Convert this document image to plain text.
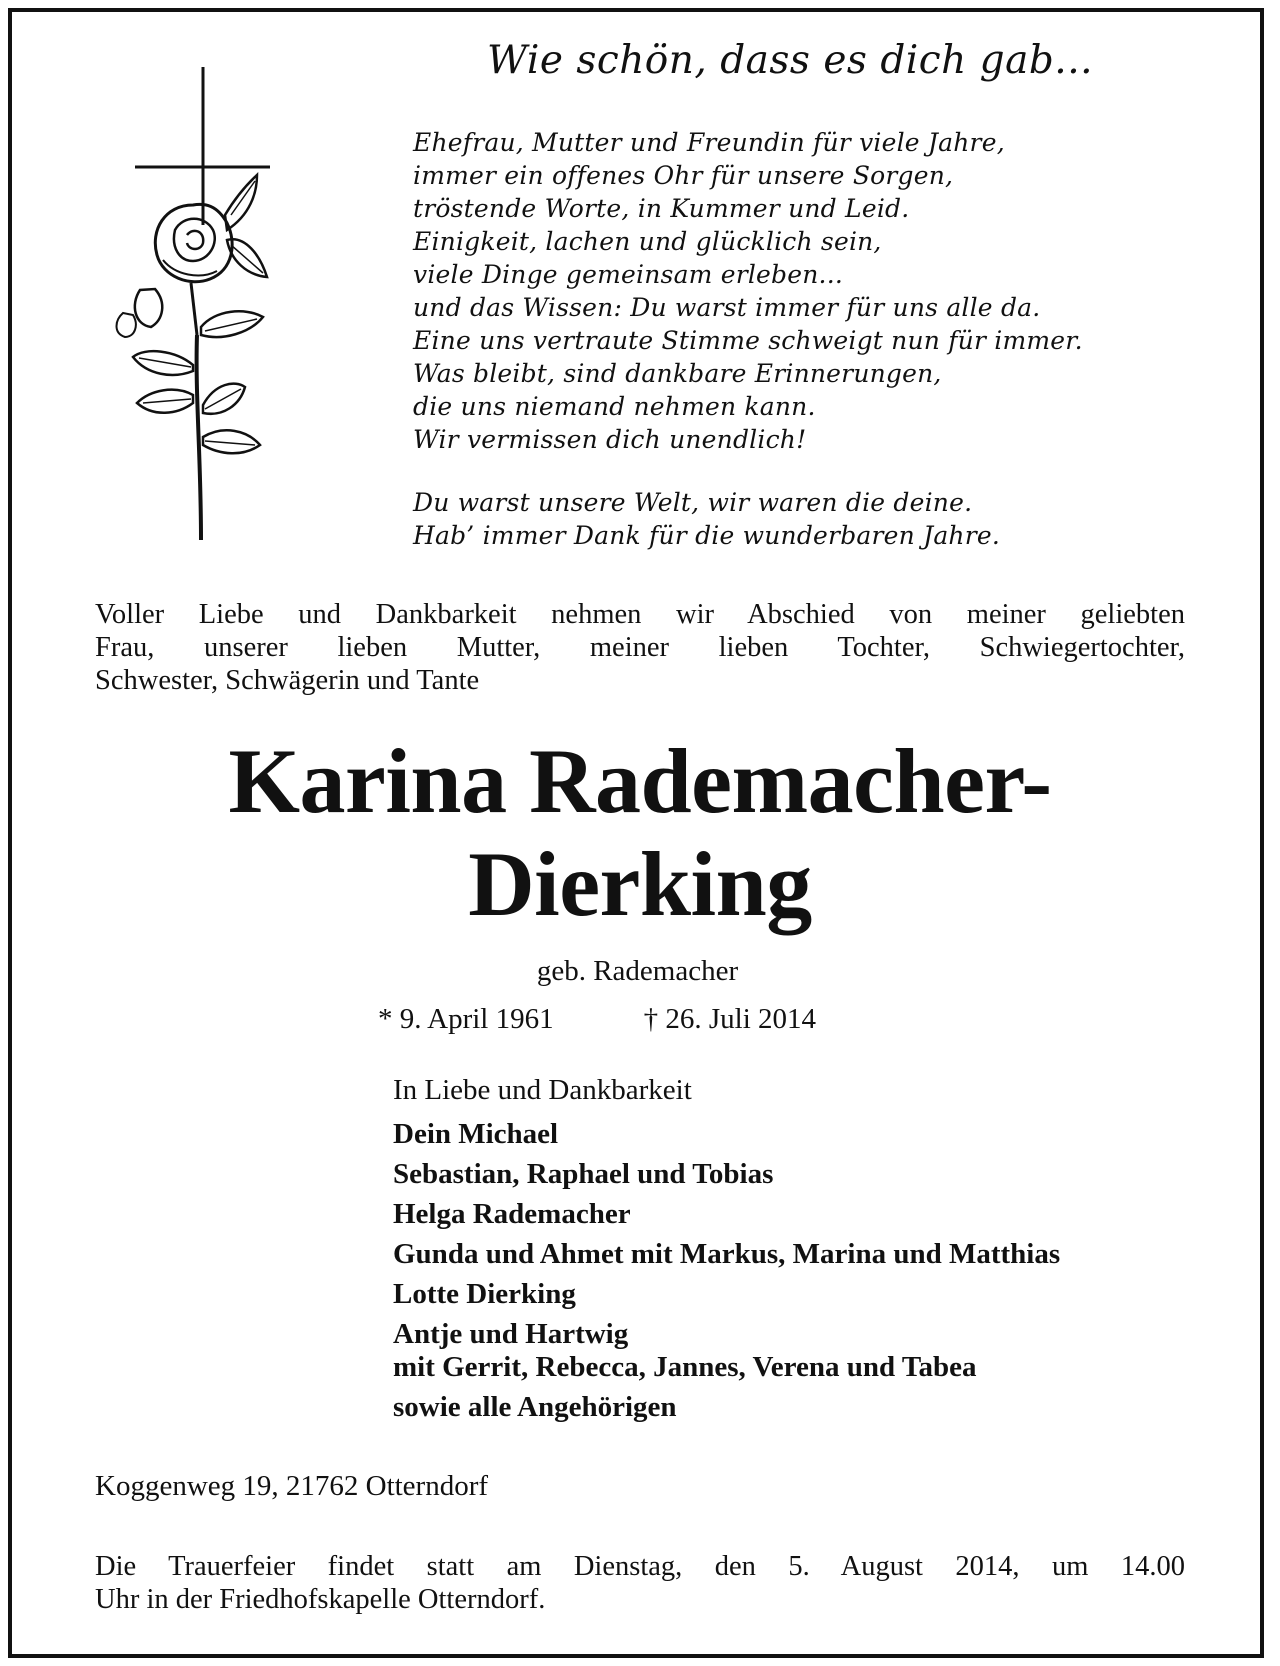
Wie schön, dass es dich gab...
Ehefrau, Mutter und Freundin für viele Jahre,
immer ein offenes Ohr für unsere Sorgen,
tröstende Worte, in Kummer und Leid.
Einigkeit, lachen und glücklich sein,
viele Dinge gemeinsam erleben...
und das Wissen: Du warst immer für uns alle da.
Eine uns vertraute Stimme schweigt nun für immer.
Was bleibt, sind dankbare Erinnerungen,
die uns niemand nehmen kann.
Wir vermissen dich unendlich!
Du warst unsere Welt, wir waren die deine.
Hab’ immer Dank für die wunderbaren Jahre.
Voller Liebe und Dankbarkeit nehmen wir Abschied von meiner geliebten
Frau, unserer lieben Mutter, meiner lieben Tochter, Schwiegertochter,
Schwester, Schwägerin und Tante
Karina Rademacher-
Dierking
geb. Rademacher
* 9. April 1961	† 26. Juli 2014
In Liebe und Dankbarkeit
Dein Michael
Sebastian, Raphael und Tobias
Helga Rademacher
Gunda und Ahmet mit Markus, Marina und Matthias
Lotte Dierking
Antje und Hartwig
mit Gerrit, Rebecca, Jannes, Verena und Tabea
sowie alle Angehörigen
Koggenweg 19, 21762 Otterndorf
Die Trauerfeier findet statt am Dienstag, den 5. August 2014, um 14.00
Uhr in der Friedhofskapelle Otterndorf.
